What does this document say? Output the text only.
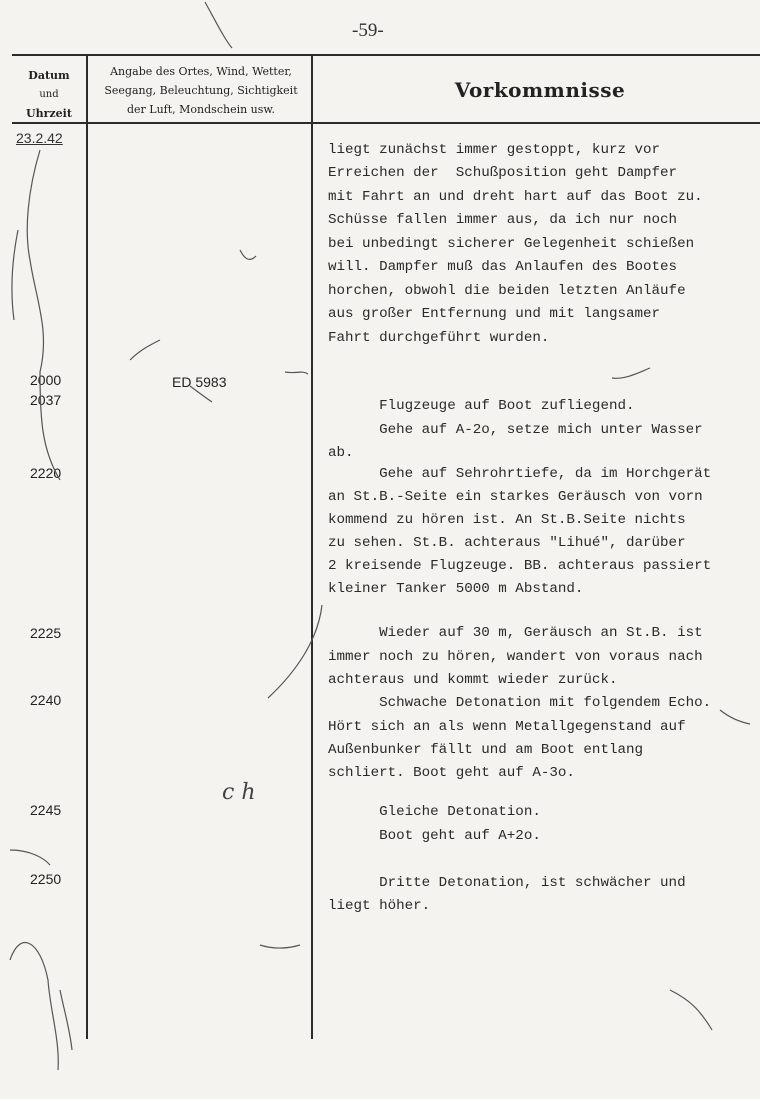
-59-
Datum
und
Uhrzeit
Angabe des Ortes, Wind, Wetter,
Seegang, Beleuchtung, Sichtigkeit
der Luft, Mondschein usw.
Vorkommnisse
23.2.42
2000
2037
2220
2225
2240
2245
2250
ED 5983
c h
liegt zunächst immer gestoppt, kurz vor
Erreichen der  Schußposition geht Dampfer
mit Fahrt an und dreht hart auf das Boot zu.
Schüsse fallen immer aus, da ich nur noch
bei unbedingt sicherer Gelegenheit schießen
will. Dampfer muß das Anlaufen des Bootes
horchen, obwohl die beiden letzten Anläufe
aus großer Entfernung und mit langsamer
Fahrt durchgeführt wurden.
Flugzeuge auf Boot zufliegend.
Gehe auf A-2o, setze mich unter Wasser
ab.
Gehe auf Sehrohrtiefe, da im Horchgerät
an St.B.-Seite ein starkes Geräusch von vorn
kommend zu hören ist. An St.B.Seite nichts
zu sehen. St.B. achteraus "Lihué", darüber
2 kreisende Flugzeuge. BB. achteraus passiert
kleiner Tanker 5000 m Abstand.
Wieder auf 30 m, Geräusch an St.B. ist
immer noch zu hören, wandert von voraus nach
achteraus und kommt wieder zurück.
Schwache Detonation mit folgendem Echo.
Hört sich an als wenn Metallgegenstand auf
Außenbunker fällt und am Boot entlang
schliert. Boot geht auf A-3o.
Gleiche Detonation.
Boot geht auf A+2o.
Dritte Detonation, ist schwächer und
liegt höher.
